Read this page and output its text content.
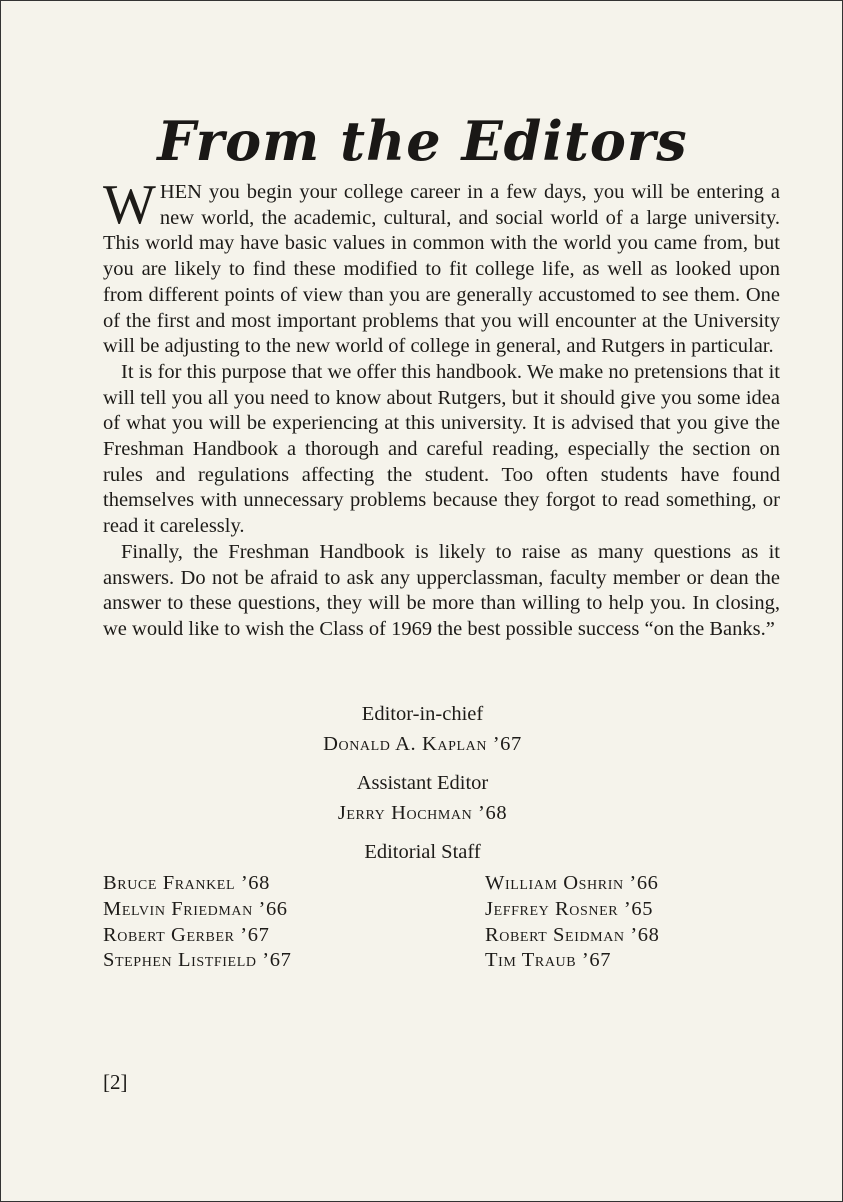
From the Editors

WHEN you begin your college career in a few days, you will be entering a new world, the academic, cultural, and social world of a large university. This world may have basic values in common with the world you came from, but you are likely to find these modified to fit college life, as well as looked upon from different points of view than you are generally accustomed to see them. One of the first and most important problems that you will encounter at the University will be adjusting to the new world of college in general, and Rutgers in particular.

It is for this purpose that we offer this handbook. We make no pretensions that it will tell you all you need to know about Rutgers, but it should give you some idea of what you will be experiencing at this university. It is advised that you give the Freshman Handbook a thorough and careful reading, especially the section on rules and regulations affecting the student. Too often students have found themselves with unnecessary problems because they forgot to read something, or read it carelessly.

Finally, the Freshman Handbook is likely to raise as many questions as it answers. Do not be afraid to ask any upperclassman, faculty member or dean the answer to these questions, they will be more than willing to help you. In closing, we would like to wish the Class of 1969 the best possible success “on the Banks.”

Editor-in-chief
Donald A. Kaplan ’67
Assistant Editor
Jerry Hochman ’68
Editorial Staff
Bruce Frankel ’68
Melvin Friedman ’66
Robert Gerber ’67
Stephen Listfield ’67
William Oshrin ’66
Jeffrey Rosner ’65
Robert Seidman ’68
Tim Traub ’67
[2]
